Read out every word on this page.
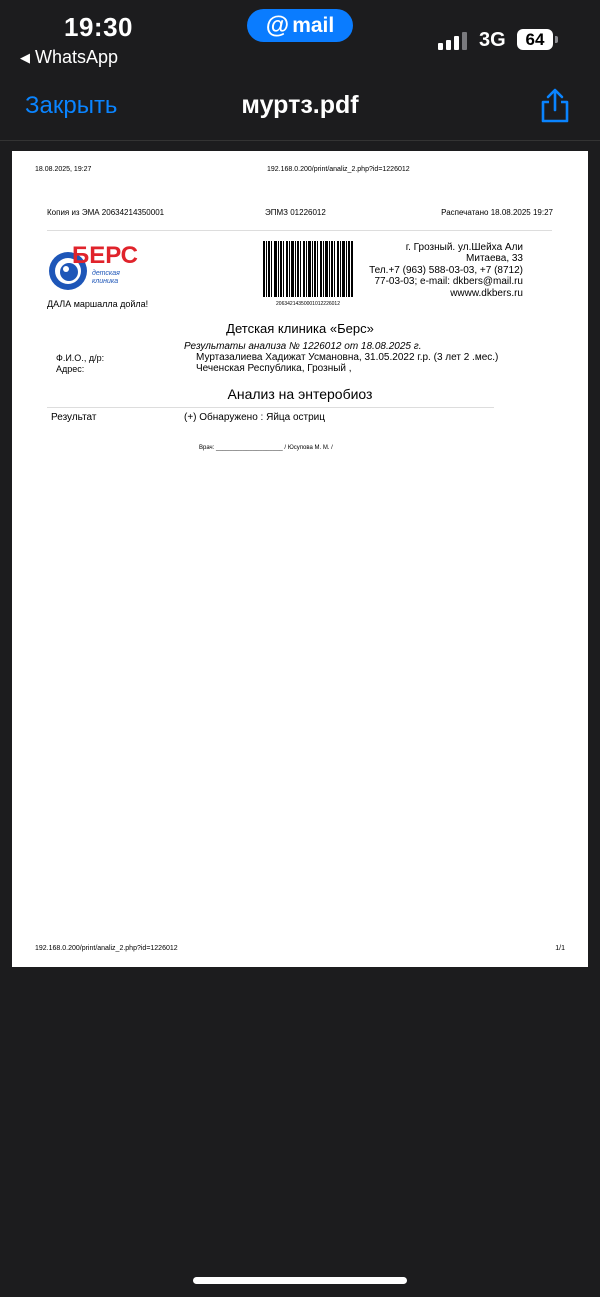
19:30
◀ WhatsApp
@ mail
3G 64
Закрыть	муртз.pdf
18.08.2025, 19:27	192.168.0.200/print/analiz_2.php?id=1226012
Копия из ЭМА 20634214350001	ЭПМЗ 01226012	Распечатано 18.08.2025 19:27
БЕРС
детская
клиника
ДАЛА маршалла дойла!	20634214350001012226012
г. Грозный. ул.Шейха Али
Митаева, 33
Тел.+7 (963) 588-03-03, +7 (8712)
77-03-03; e-mail: dkbers@mail.ru
wwww.dkbers.ru
Детская клиника «Берс»
Результаты анализа № 1226012 от 18.08.2025 г.
Ф.И.О., д/р:	Муртазалиева Хадижат Усмановна, 31.05.2022 г.р. (3 лет 2 .мес.)
Адрес:	Чеченская Республика, Грозный ,
Анализ на энтеробиоз
Результат	(+) Обнаружено : Яйца остриц
Врач: ____________________ / Юсупова М. М. /
192.168.0.200/print/analiz_2.php?id=1226012	1/1
